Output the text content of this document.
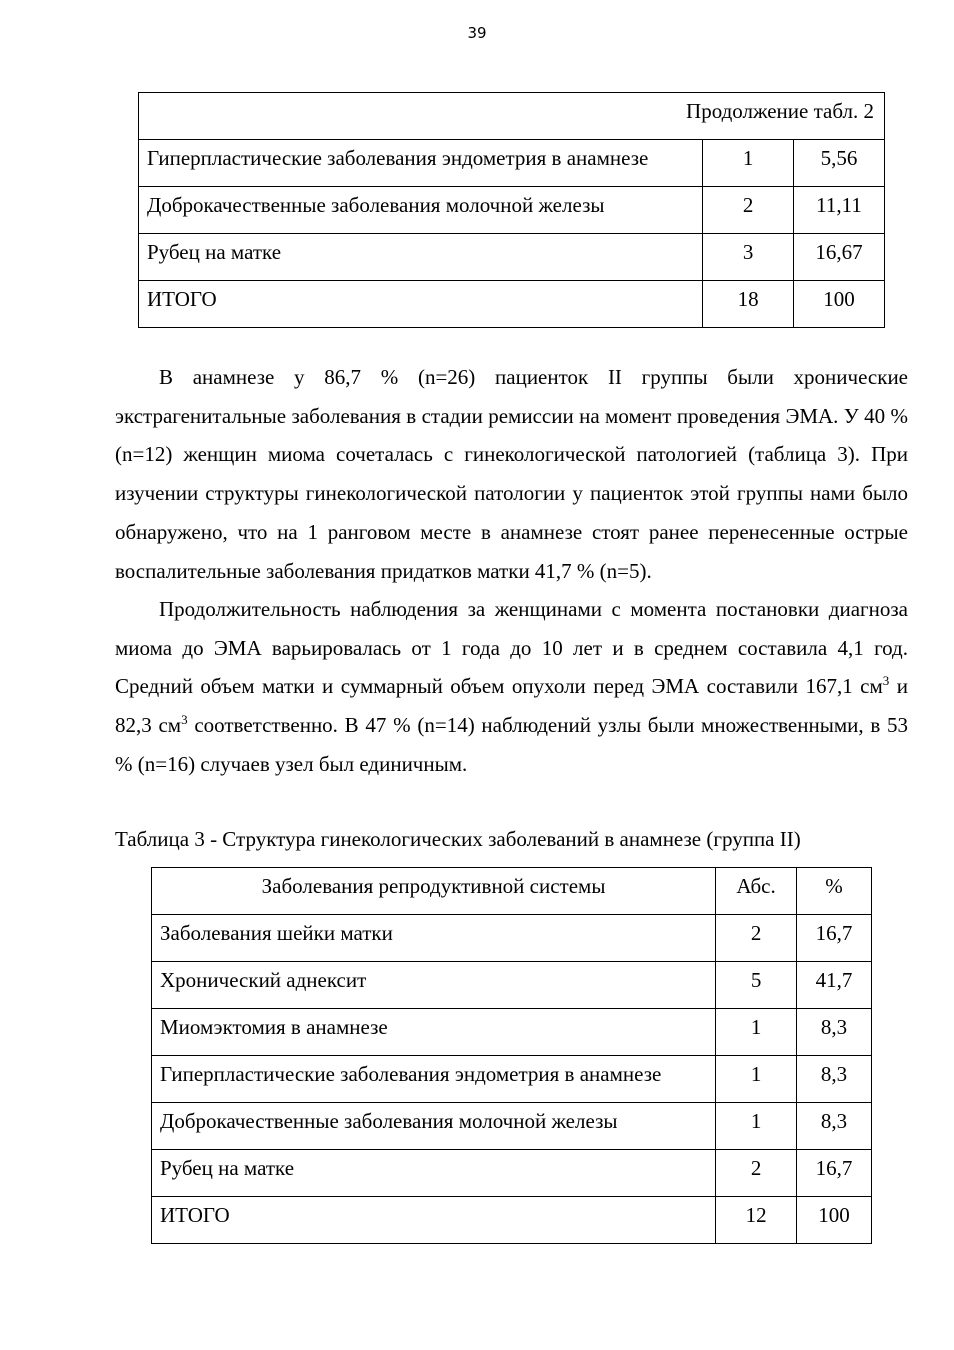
39
Продолжение табл. 2		
Гиперпластические заболевания эндометрия в анамнезе	1	5,56
Доброкачественные заболевания молочной железы	2	11,11
Рубец на матке	3	16,67
ИТОГО	18	100

В анамнезе у 86,7 % (n=26) пациенток II группы были хронические экстрагенитальные заболевания в стадии ремиссии на момент проведения ЭМА. У 40 % (n=12) женщин миома сочеталась с гинекологической патологией (таблица 3). При изучении структуры гинекологической патологии у пациенток этой группы нами было обнаружено, что на 1 ранговом месте в анамнезе стоят ранее перенесенные острые воспалительные заболевания придатков матки 41,7 % (n=5).

Продолжительность наблюдения за женщинами с момента постановки диагноза миома до ЭМА варьировалась от 1 года до 10 лет и в среднем составила 4,1 год. Средний объем матки и суммарный объем опухоли перед ЭМА составили 167,1 $см^3$ и 82,3 $см^3$ соответственно. В 47 % (n=14) наблюдений узлы были множественными, в 53 % (n=16) случаев узел был единичным.

Таблица 3 - Структура гинекологических заболеваний в анамнезе (группа II)
Заболевания репродуктивной системы	Абс.	%
Заболевания шейки матки	2	16,7
Хронический аднексит	5	41,7
Миомэктомия в анамнезе	1	8,3
Гиперпластические заболевания эндометрия в анамнезе	1	8,3
Доброкачественные заболевания молочной железы	1	8,3
Рубец на матке	2	16,7
ИТОГО	12	100
